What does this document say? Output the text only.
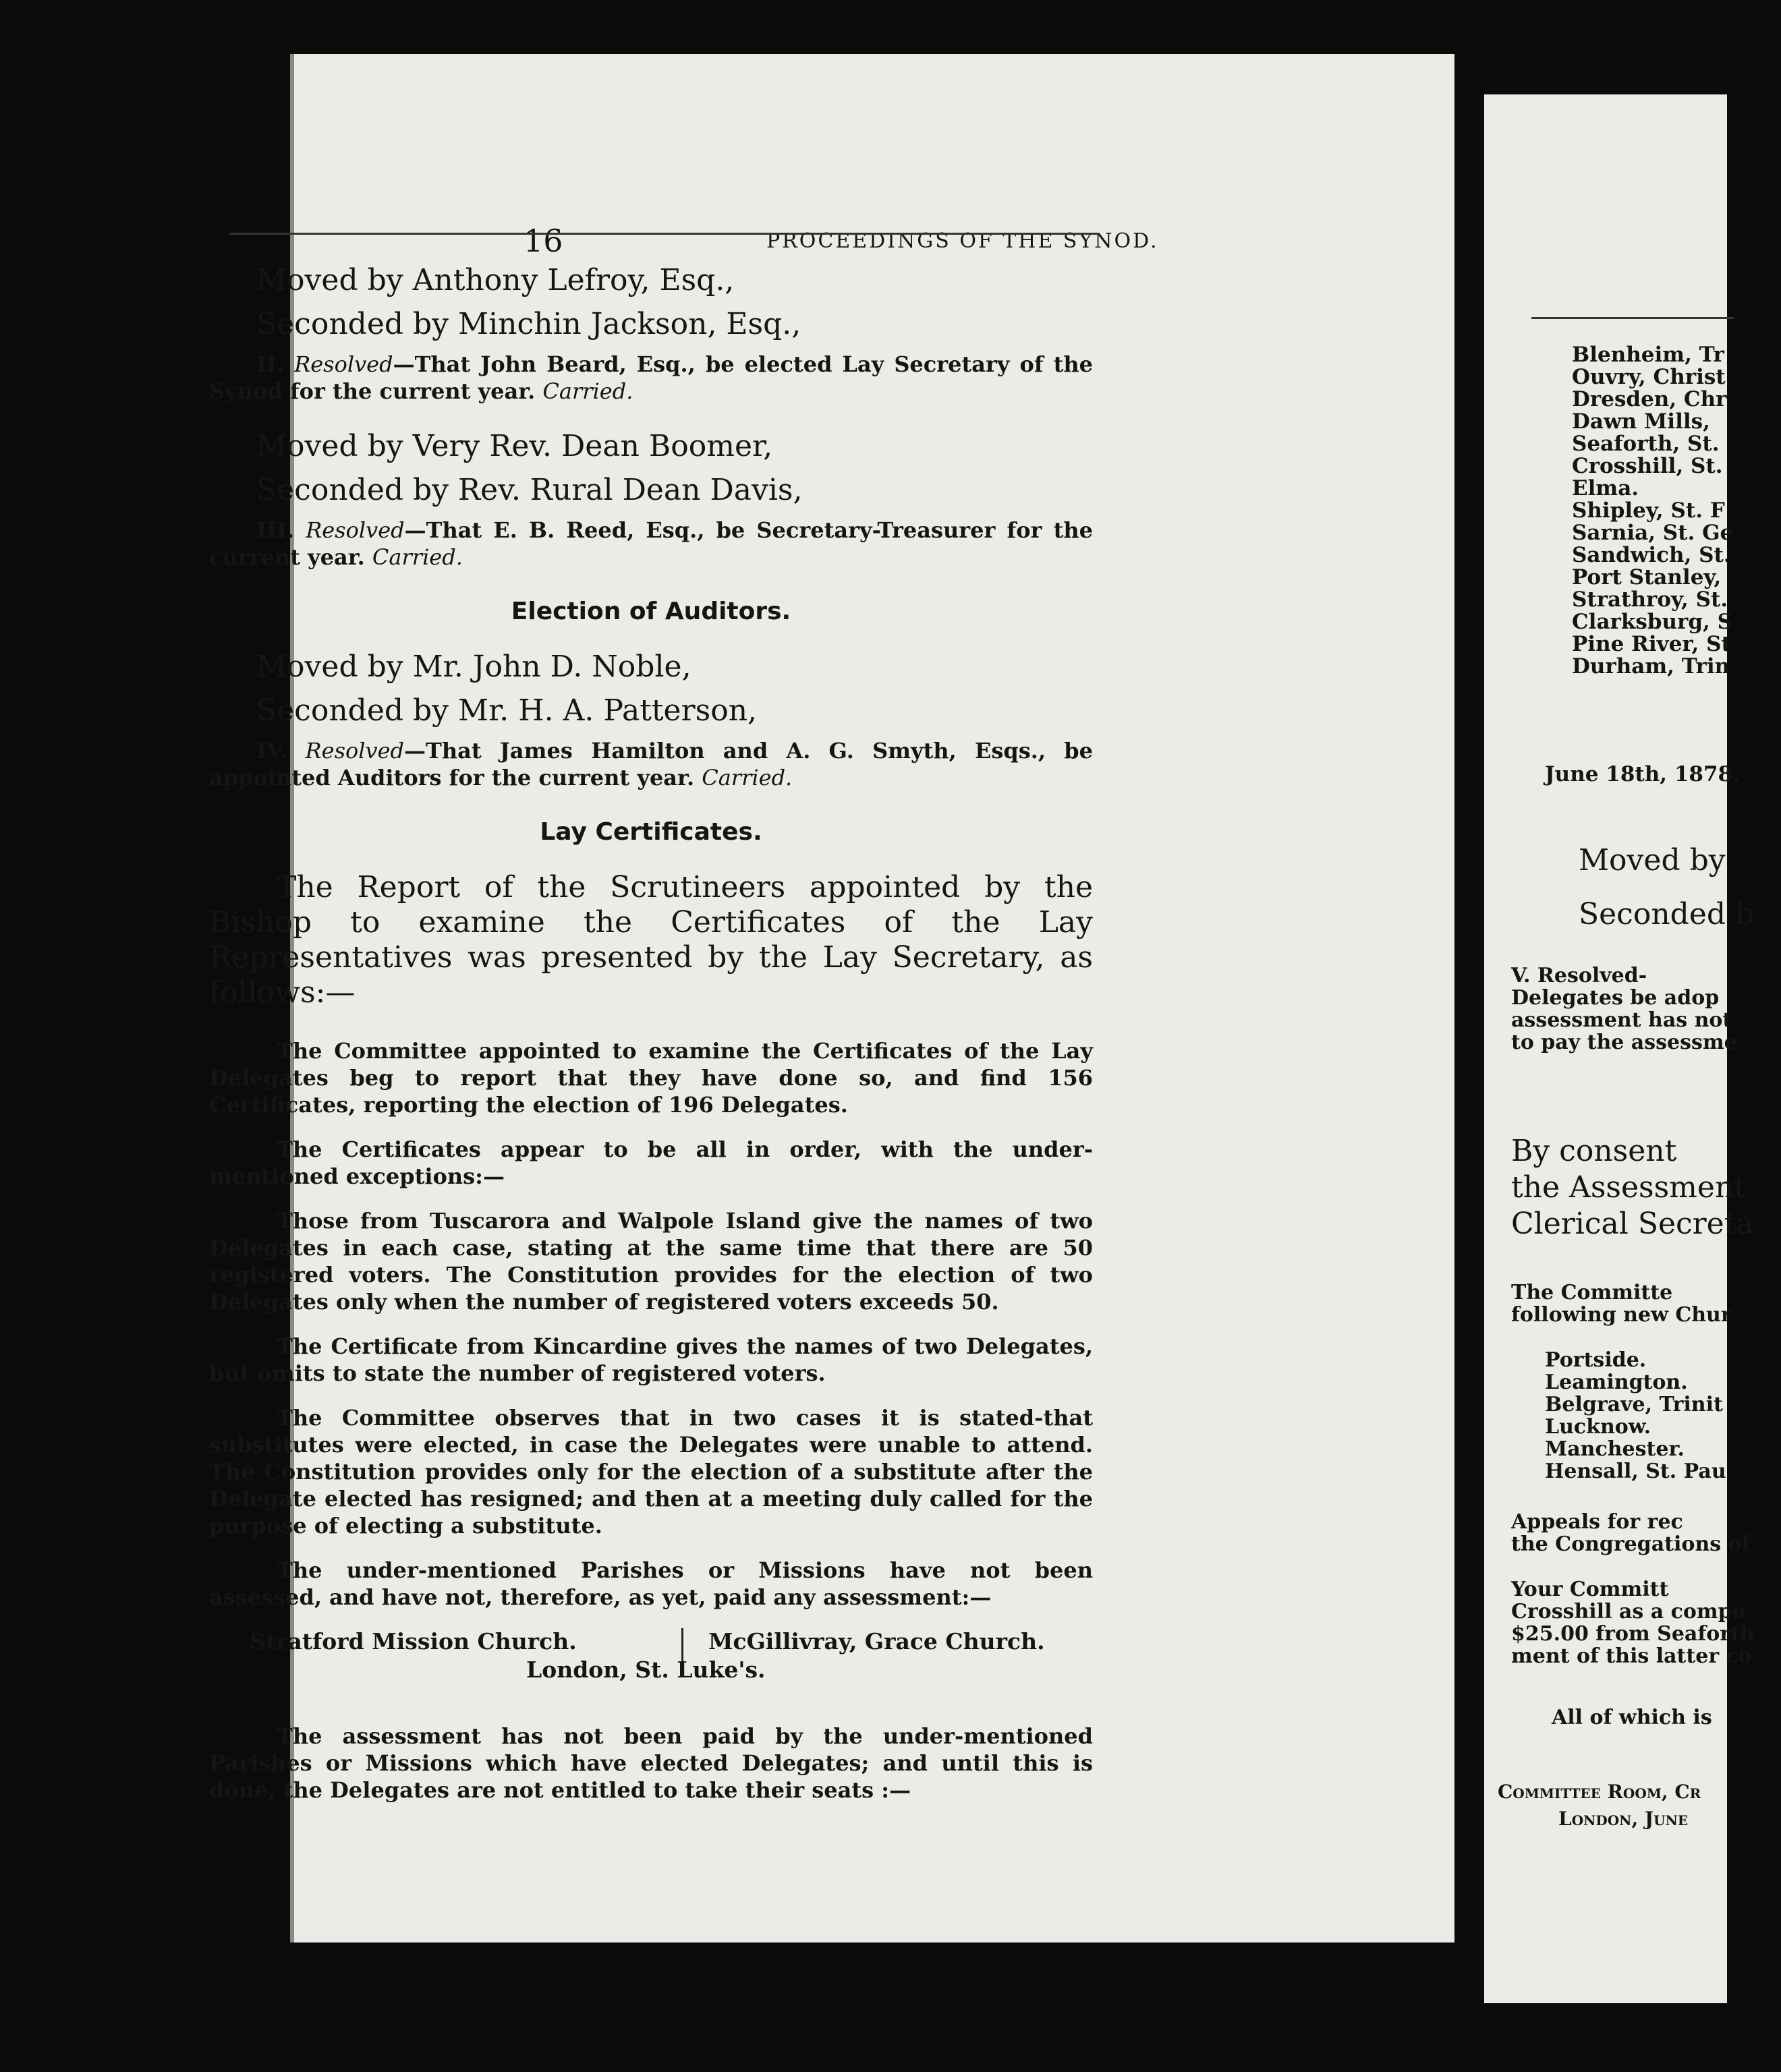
16	PROCEEDINGS OF THE SYNOD.
Moved by Anthony Lefroy, Esq.,
Seconded by Minchin Jackson, Esq.,

II. Resolved—That John Beard, Esq., be elected Lay Secretary of the Synod for the current year. Carried.

Moved by Very Rev. Dean Boomer,
Seconded by Rev. Rural Dean Davis,

III. Resolved—That E. B. Reed, Esq., be Secretary-Treasurer for the current year. Carried.

Election of Auditors.
Moved by Mr. John D. Noble,
Seconded by Mr. H. A. Patterson,

IV. Resolved—That James Hamilton and A. G. Smyth, Esqs., be appointed Auditors for the current year. Carried.

Lay Certificates.

The Report of the Scrutineers appointed by the Bishop to examine the Certificates of the Lay Representatives was presented by the Lay Secretary, as follows:—

The Committee appointed to examine the Certificates of the Lay Delegates beg to report that they have done so, and find 156 Certificates, reporting the election of 196 Delegates.

The Certificates appear to be all in order, with the under-mentioned exceptions:—

Those from Tuscarora and Walpole Island give the names of two Delegates in each case, stating at the same time that there are 50 registered voters. The Constitution provides for the election of two Delegates only when the number of registered voters exceeds 50.

The Certificate from Kincardine gives the names of two Delegates, but omits to state the number of registered voters.

The Committee observes that in two cases it is stated-that substitutes were elected, in case the Delegates were unable to attend. The Constitution provides only for the election of a substitute after the Delegate elected has resigned; and then at a meeting duly called for the purpose of electing a substitute.

The under-mentioned Parishes or Missions have not been assessed, and have not, therefore, as yet, paid any assessment:—

Stratford Mission Church.
London, St. Luke's.
McGillivray, Grace Church.

The assessment has not been paid by the under-mentioned Parishes or Missions which have elected Delegates; and until this is done, the Delegates are not entitled to take their seats :—

Blenheim, Tr

Ouvry, Christ

Dresden, Chr

Dawn Mills,

Seaforth, St.

Crosshill, St.

Elma.

Shipley, St. F

Sarnia, St. Ge

Sandwich, St.

Port Stanley,

Strathroy, St.

Clarksburg, S

Pine River, St

Durham, Trin

June 18th, 1878.
Moved by
Seconded b
V. Resolved-
Delegates be adop
assessment has not
to pay the assessme
By consent
the Assessment
Clerical Secreta
The Committe
following new Chur
Portside.
Leamington.
Belgrave, Trinit
Lucknow.
Manchester.
Hensall, St. Pau
Appeals for rec
the Congregations of
Your Committ
Crosshill as a compo
$25.00 from Seaforth
ment of this latter co
All of which is
Committee Room, Cr
London, June
